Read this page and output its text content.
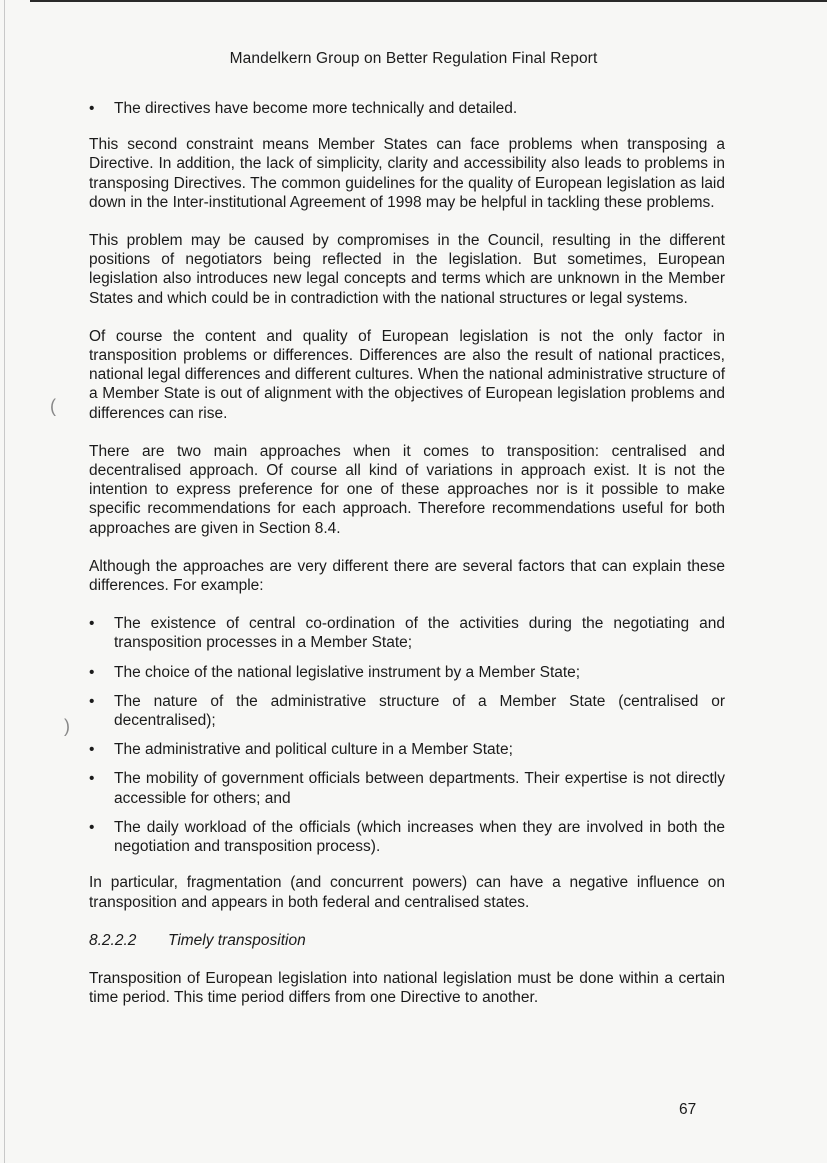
(
)
Mandelkern Group on Better Regulation Final Report
• The directives have become more technically and detailed.

This second constraint means Member States can face problems when transposing a Directive. In addition, the lack of simplicity, clarity and accessibility also leads to problems in transposing Directives. The common guidelines for the quality of European legislation as laid down in the Inter-institutional Agreement of 1998 may be helpful in tackling these problems.

This problem may be caused by compromises in the Council, resulting in the different positions of negotiators being reflected in the legislation. But sometimes, European legislation also introduces new legal concepts and terms which are unknown in the Member States and which could be in contradiction with the national structures or legal systems.

Of course the content and quality of European legislation is not the only factor in transposition problems or differences. Differences are also the result of national practices, national legal differences and different cultures. When the national administrative structure of a Member State is out of alignment with the objectives of European legislation problems and differences can rise.

There are two main approaches when it comes to transposition: centralised and decentralised approach. Of course all kind of variations in approach exist. It is not the intention to express preference for one of these approaches nor is it possible to make specific recommendations for each approach. Therefore recommendations useful for both approaches are given in Section 8.4.

Although the approaches are very different there are several factors that can explain these differences. For example:

• The existence of central co-ordination of the activities during the negotiating and transposition processes in a Member State;
• The choice of the national legislative instrument by a Member State;
• The nature of the administrative structure of a Member State (centralised or decentralised);
• The administrative and political culture in a Member State;
• The mobility of government officials between departments. Their expertise is not directly accessible for others; and
• The daily workload of the officials (which increases when they are involved in both the negotiation and transposition process).

In particular, fragmentation (and concurrent powers) can have a negative influence on transposition and appears in both federal and centralised states.

8.2.2.2 Timely transposition

Transposition of European legislation into national legislation must be done within a certain time period. This time period differs from one Directive to another.

67
